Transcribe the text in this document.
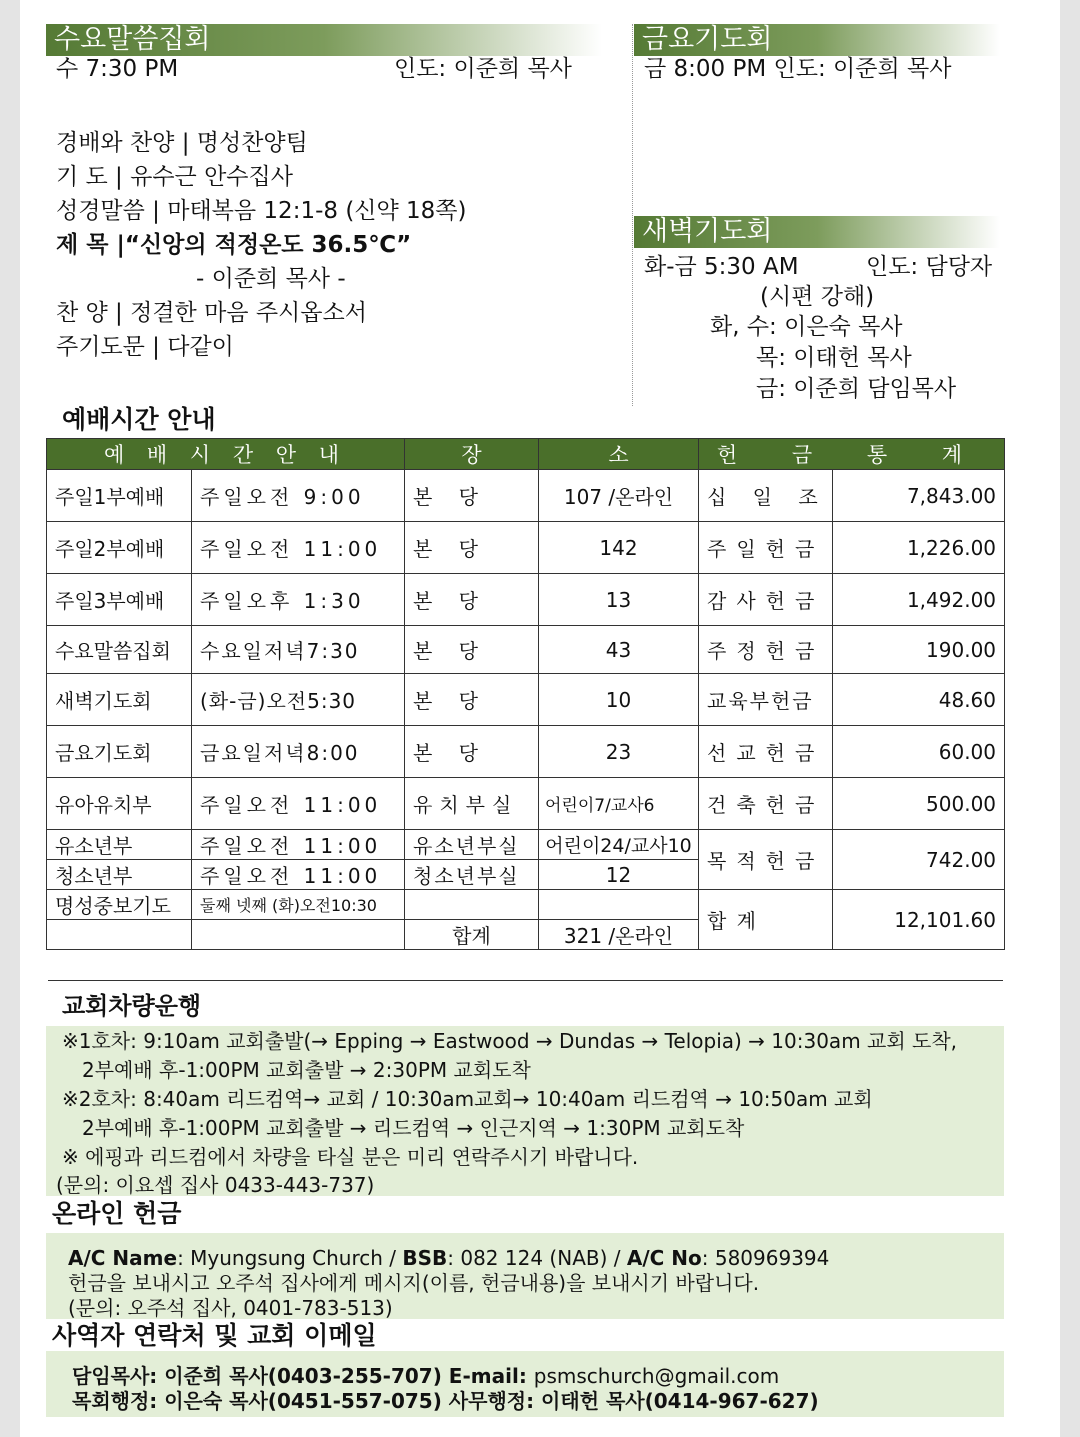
수요말씀집회
수 7:30 PM	인도: 이준희 목사
경배와 찬양 | 명성찬양팀
기 도 | 유수근 안수집사
성경말씀 | 마태복음 12:1-8 (신약 18쪽)
제 목 |“신앙의 적정온도 36.5℃”
- 이준희 목사 -
찬 양 | 정결한 마음 주시옵소서
주기도문 | 다같이
금요기도회
금 8:00 PM 인도: 이준희 목사
새벽기도회
화-금 5:30 AM	인도: 담당자
(시편 강해)
화, 수: 이은숙 목사
목: 이태헌 목사
금: 이준희 담임목사
예배시간 안내
예 배 시 간 안 내		장	소	헌 금 통 계	
주일1부예배	주일오전 9:00	본 당	107 /온라인	십 일 조	7,843.00
주일2부예배	주일오전 11:00	본 당	142	주일헌금	1,226.00
주일3부예배	주일오후 1:30	본 당	13	감사헌금	1,492.00
수요말씀집회	수요일저녁7:30	본 당	43	주정헌금	190.00
새벽기도회	(화-금)오전5:30	본 당	10	교육부헌금	48.60
금요기도회	금요일저녁8:00	본 당	23	선교헌금	60.00
유아유치부	주일오전 11:00	유치부실	어린이7/교사6	건축헌금	500.00
유소년부	주일오전 11:00	유소년부실	어린이24/교사10	목적헌금	742.00
청소년부	주일오전 11:00	청소년부실	12		
명성중보기도	둘째 넷째 (화)오전10:30			합 계	12,101.60
		합계	321 /온라인		
교회차량운행
※1호차: 9:10am 교회출발(→ Epping → Eastwood → Dundas → Telopia) → 10:30am 교회 도착,
2부예배 후-1:00PM 교회출발 → 2:30PM 교회도착
※2호차: 8:40am 리드컴역→ 교회 / 10:30am교회→ 10:40am 리드컴역 → 10:50am 교회
2부예배 후-1:00PM 교회출발 → 리드컴역 → 인근지역 → 1:30PM 교회도착
※ 에핑과 리드컴에서 차량을 타실 분은 미리 연락주시기 바랍니다.
(문의: 이요셉 집사 0433-443-737)
온라인 헌금
A/C Name: Myungsung Church / BSB: 082 124 (NAB) / A/C No: 580969394
헌금을 보내시고 오주석 집사에게 메시지(이름, 헌금내용)을 보내시기 바랍니다.
(문의: 오주석 집사, 0401-783-513)
사역자 연락처 및 교회 이메일
담임목사: 이준희 목사(0403-255-707) E-mail: psmschurch@gmail.com
목회행정: 이은숙 목사(0451-557-075) 사무행정: 이태헌 목사(0414-967-627)
